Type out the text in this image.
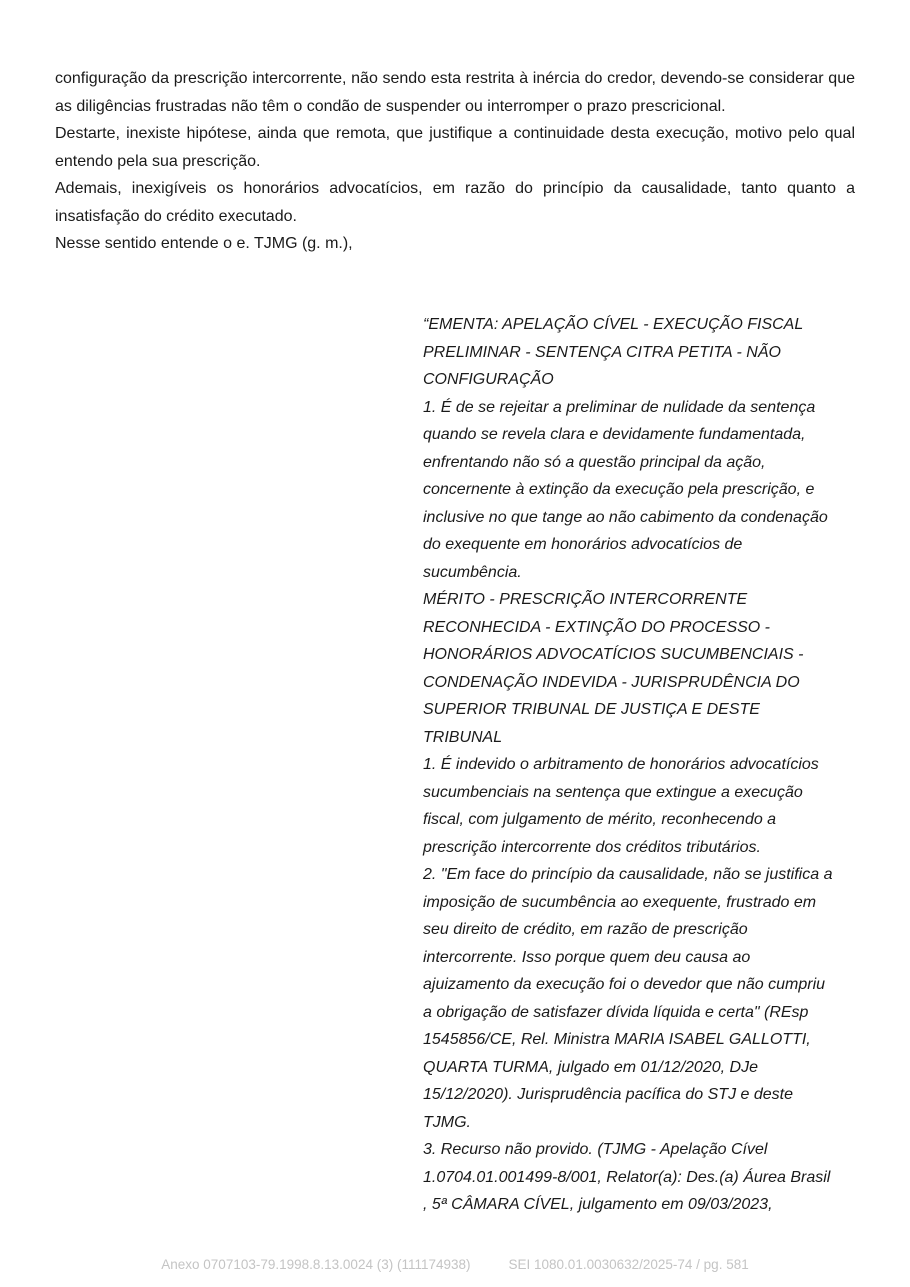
configuração da prescrição intercorrente, não sendo esta restrita à inércia do credor, devendo-se considerar que as diligências frustradas não têm o condão de suspender ou interromper o prazo prescricional.

Destarte, inexiste hipótese, ainda que remota, que justifique a continuidade desta execução, motivo pelo qual entendo pela sua prescrição.

Ademais, inexigíveis os honorários advocatícios, em razão do princípio da causalidade, tanto quanto a insatisfação do crédito executado.

Nesse sentido entende o e. TJMG (g. m.),

“EMENTA: APELAÇÃO CÍVEL - EXECUÇÃO FISCAL

PRELIMINAR - SENTENÇA CITRA PETITA - NÃO

CONFIGURAÇÃO

1. É de se rejeitar a preliminar de nulidade da sentença

quando se revela clara e devidamente fundamentada,

enfrentando não só a questão principal da ação,

concernente à extinção da execução pela prescrição, e

inclusive no que tange ao não cabimento da condenação

do exequente em honorários advocatícios de

sucumbência.

MÉRITO - PRESCRIÇÃO INTERCORRENTE

RECONHECIDA - EXTINÇÃO DO PROCESSO -

HONORÁRIOS ADVOCATÍCIOS SUCUMBENCIAIS -

CONDENAÇÃO INDEVIDA - JURISPRUDÊNCIA DO

SUPERIOR TRIBUNAL DE JUSTIÇA E DESTE

TRIBUNAL

1. É indevido o arbitramento de honorários advocatícios

sucumbenciais na sentença que extingue a execução

fiscal, com julgamento de mérito, reconhecendo a

prescrição intercorrente dos créditos tributários.

2. "Em face do princípio da causalidade, não se justifica a

imposição de sucumbência ao exequente, frustrado em

seu direito de crédito, em razão de prescrição

intercorrente. Isso porque quem deu causa ao

ajuizamento da execução foi o devedor que não cumpriu

a obrigação de satisfazer dívida líquida e certa" (REsp

1545856/CE, Rel. Ministra MARIA ISABEL GALLOTTI,

QUARTA TURMA, julgado em 01/12/2020, DJe

15/12/2020). Jurisprudência pacífica do STJ e deste

TJMG.

3. Recurso não provido. (TJMG - Apelação Cível

1.0704.01.001499-8/001, Relator(a): Des.(a) Áurea Brasil

, 5ª CÂMARA CÍVEL, julgamento em 09/03/2023,

Anexo 0707103-79.1998.8.13.0024 (3) (111174938)	SEI 1080.01.0030632/2025-74 / pg. 581
